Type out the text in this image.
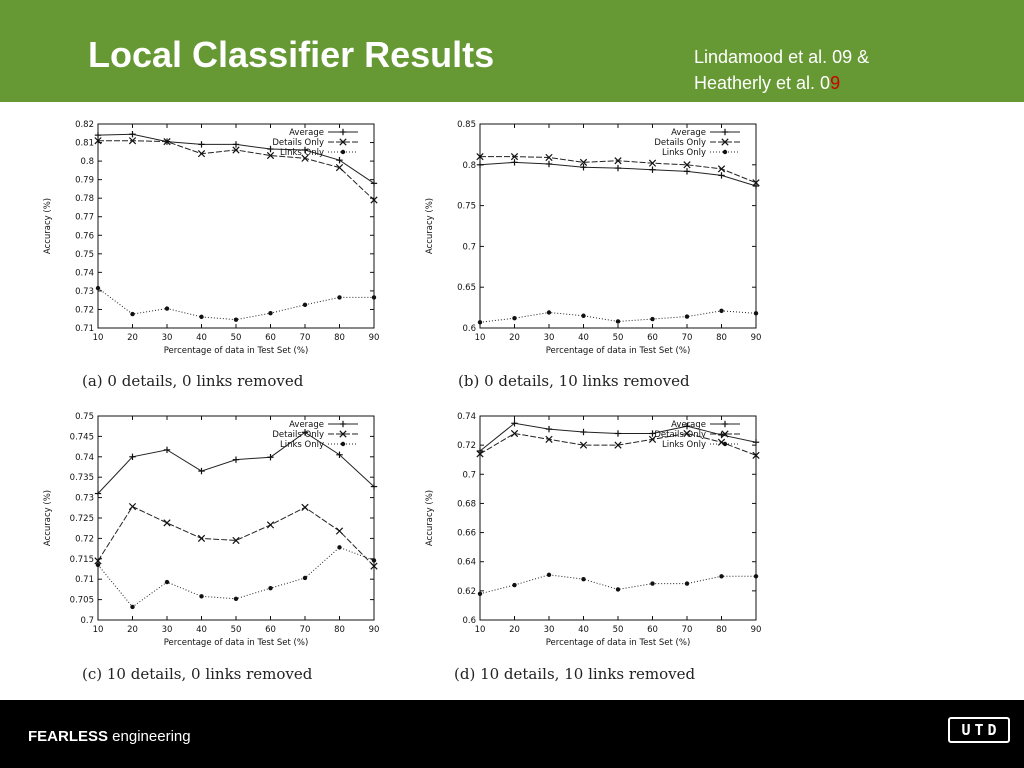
Local Classifier Results	Lindamood et al. 09 &
Heatherly et al. 09
0.71
0.72
0.73
0.74
0.75
0.76
0.77
0.78
0.79
0.8
0.81
0.82
10	20	30	40	50	60	70	80	90
Percentage of data in Test Set (%)
Accuracy (%)
Average
Details Only
Links Only
(a) 0 details, 0 links removed
0.6
0.65
0.7
0.75
0.8
0.85
10	20	30	40	50	60	70	80	90
Percentage of data in Test Set (%)
Accuracy (%)
Average
Details Only
Links Only
(b) 0 details, 10 links removed
0.7
0.705
0.71
0.715
0.72
0.725
0.73
0.735
0.74
0.745
0.75
10	20	30	40	50	60	70	80	90
Percentage of data in Test Set (%)
Accuracy (%)
Average
Details Only
Links Only
(c) 10 details, 0 links removed
0.6
0.62
0.64
0.66
0.68
0.7
0.72
0.74
10	20	30	40	50	60	70	80	90
Percentage of data in Test Set (%)
Accuracy (%)
Average
Details Only
Links Only
(d) 10 details, 10 links removed
FEARLESS engineering	UTD
